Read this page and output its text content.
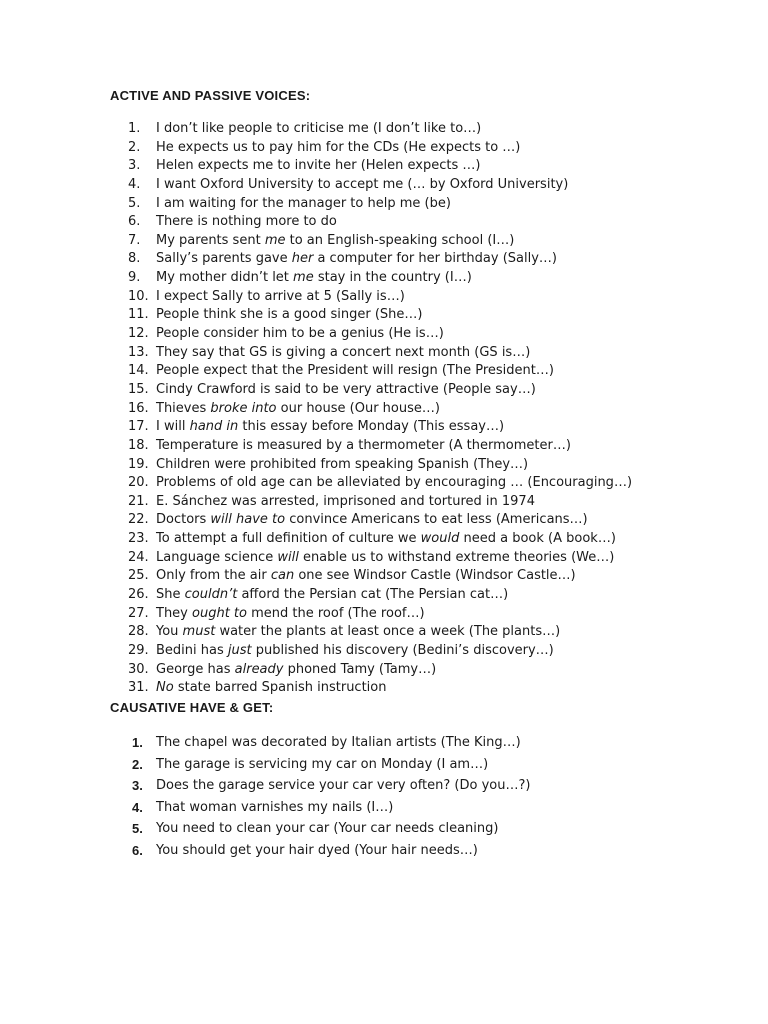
ACTIVE AND PASSIVE VOICES:
1.	I don’t like people to criticise me (I don’t like to…)
2.	He expects us to pay him for the CDs (He expects to …)
3.	Helen expects me to invite her (Helen expects …)
4.	I want Oxford University to accept me (… by Oxford University)
5.	I am waiting for the manager to help me (be)
6.	There is nothing more to do
7.	My parents sent me to an English-speaking school (I…)
8.	Sally’s parents gave her a computer for her birthday (Sally…)
9.	My mother didn’t let me stay in the country (I…)
10. I expect Sally to arrive at 5 (Sally is…)
11. People think she is a good singer (She…)
12. People consider him to be a genius (He is…)
13. They say that GS is giving a concert next month (GS is…)
14. People expect that the President will resign (The President…)
15. Cindy Crawford is said to be very attractive (People say…)
16. Thieves broke into our house (Our house…)
17. I will hand in this essay before Monday (This essay…)
18. Temperature is measured by a thermometer (A thermometer…)
19. Children were prohibited from speaking Spanish (They…)
20. Problems of old age can be alleviated by encouraging … (Encouraging…)
21. E. Sánchez was arrested, imprisoned and tortured in 1974
22. Doctors will have to convince Americans to eat less (Americans…)
23. To attempt a full definition of culture we would need a book (A book…)
24. Language science will enable us to withstand extreme theories (We…)
25. Only from the air can one see Windsor Castle (Windsor Castle…)
26. She couldn’t afford the Persian cat (The Persian cat…)
27. They ought to mend the roof (The roof…)
28. You must water the plants at least once a week (The plants…)
29. Bedini has just published his discovery (Bedini’s discovery…)
30. George has already phoned Tamy (Tamy…)
31. No state barred Spanish instruction
CAUSATIVE HAVE & GET:
1.	The chapel was decorated by Italian artists (The King…)
2.	The garage is servicing my car on Monday (I am…)
3.	Does the garage service your car very often? (Do you…?)
4.	That woman varnishes my nails (I…)
5.	You need to clean your car (Your car needs cleaning)
6.	You should get your hair dyed (Your hair needs…)
